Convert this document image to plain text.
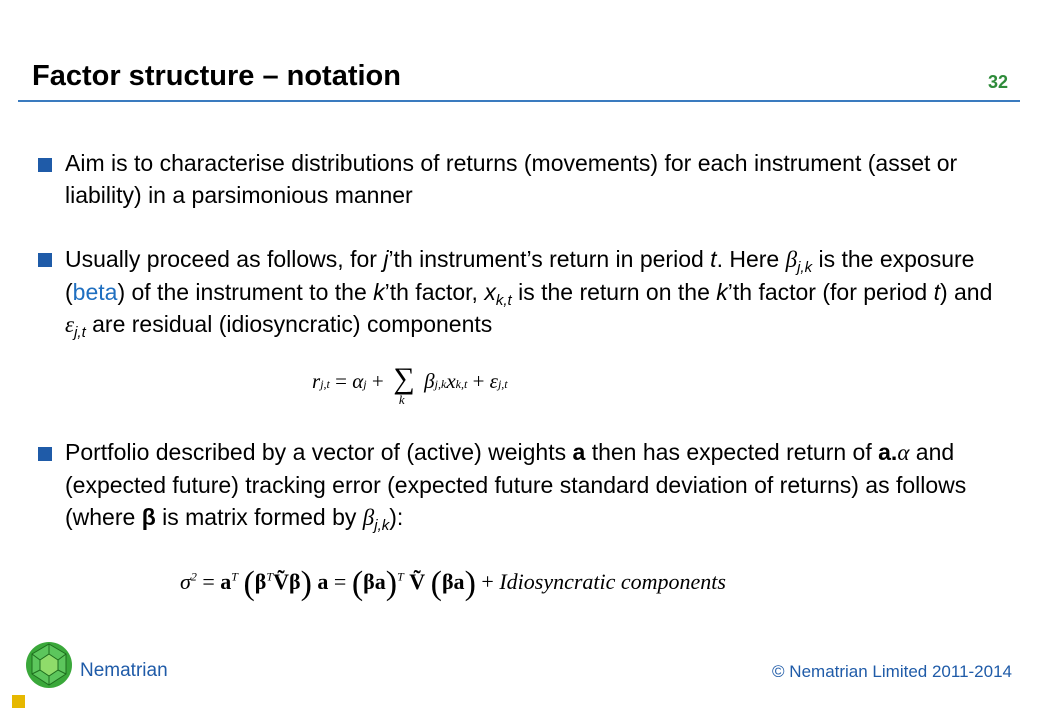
Factor structure – notation	32
Aim is to characterise distributions of returns (movements) for each instrument (asset or liability) in a parsimonious manner
Usually proceed as follows, for j’th instrument’s return in period t. Here $\beta_{j,k}$ is the exposure (beta) of the instrument to the k’th factor, $x_{k,t}$ is the return on the k’th factor (for period t) and $\varepsilon_{j,t}$ are residual (idiosyncratic) components
rj,t = αj + ∑
k
βj,kxk,t + εj,t
Portfolio described by a vector of (active) weights a then has expected return of a.α and (expected future) tracking error (expected future standard deviation of returns) as follows (where β is matrix formed by $\beta_{j,k}$):
$\sigma^2 = a^T$ $(\beta^TṼ\beta) a = (\beta a)^T$ Ṽ (βa) + Idiosyncratic components
Nematrian	© Nematrian Limited 2011-2014
